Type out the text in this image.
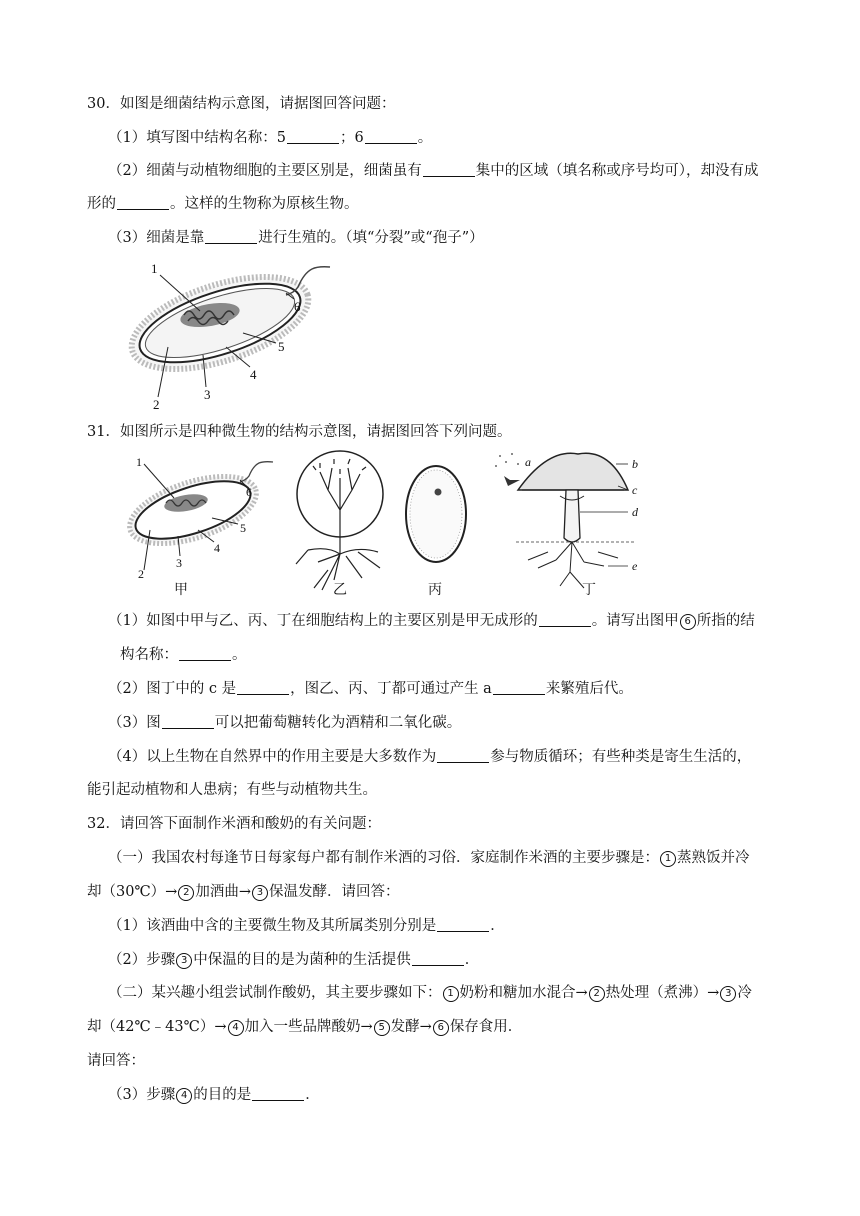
30．如图是细菌结构示意图，请据图回答问题：
（1）填写图中结构名称：5	；6	。
（2）细菌与动植物细胞的主要区别是，细菌虽有	集中的区域（填名称或序号均可），却没有成
形的	。这样的生物称为原核生物。
（3）细菌是靠	进行生殖的。（填“分裂”或“孢子”）
1
2
3
4
5
6
31．如图所示是四种微生物的结构示意图，请据图回答下列问题。
1
2
3
4
5
6
a	b
c
d
e
甲	乙	丙	丁
（1）如图中甲与乙、丙、丁在细胞结构上的主要区别是甲无成形的	。请写出图甲 6 所指的结
构名称：	。
（2）图丁中的 c 是	，图乙、丙、丁都可通过产生 a	来繁殖后代。
（3）图	可以把葡萄糖转化为酒精和二氧化碳。
（4）以上生物在自然界中的作用主要是大多数作为	参与物质循环；有些种类是寄生生活的，
能引起动植物和人患病；有些与动植物共生。
32．请回答下面制作米酒和酸奶的有关问题：
（一）我国农村每逢节日每家每户都有制作米酒的习俗．家庭制作米酒的主要步骤是： 1 蒸熟饭并冷
却（30℃）→ 2 加酒曲→ 3 保温发酵．请回答：
（1）该酒曲中含的主要微生物及其所属类别分别是	．
（2）步骤 3 中保温的目的是为菌种的生活提供	．
（二）某兴趣小组尝试制作酸奶，其主要步骤如下： 1 奶粉和糖加水混合→ 2 热处理（煮沸）→ 3 冷
却（42℃﹣43℃）→ 4 加入一些品牌酸奶→ 5 发酵→ 6 保存食用．
请回答：
（3）步骤 4 的目的是	．
